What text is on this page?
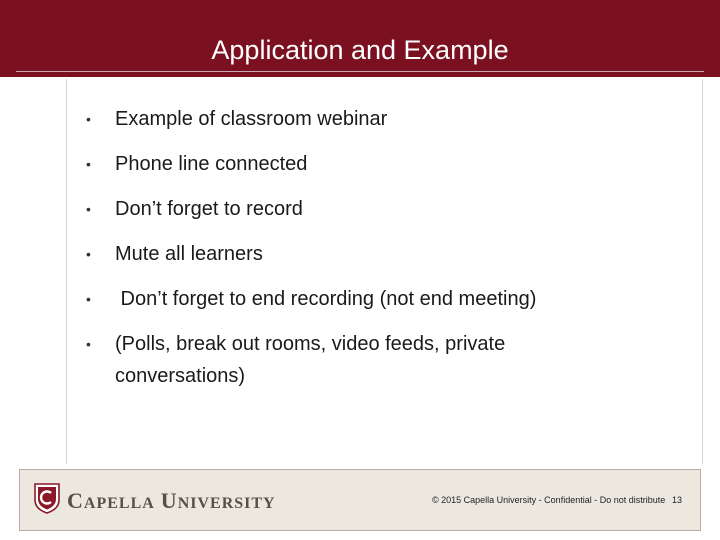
Application and Example
• Example of classroom webinar
• Phone line connected
• Don’t forget to record
• Mute all learners
• Don’t forget to end recording (not end meeting)
• (Polls, break out rooms, video feeds, private conversations)
CAPELLA UNIVERSITY	© 2015 Capella University - Confidential - Do not distribute 13
